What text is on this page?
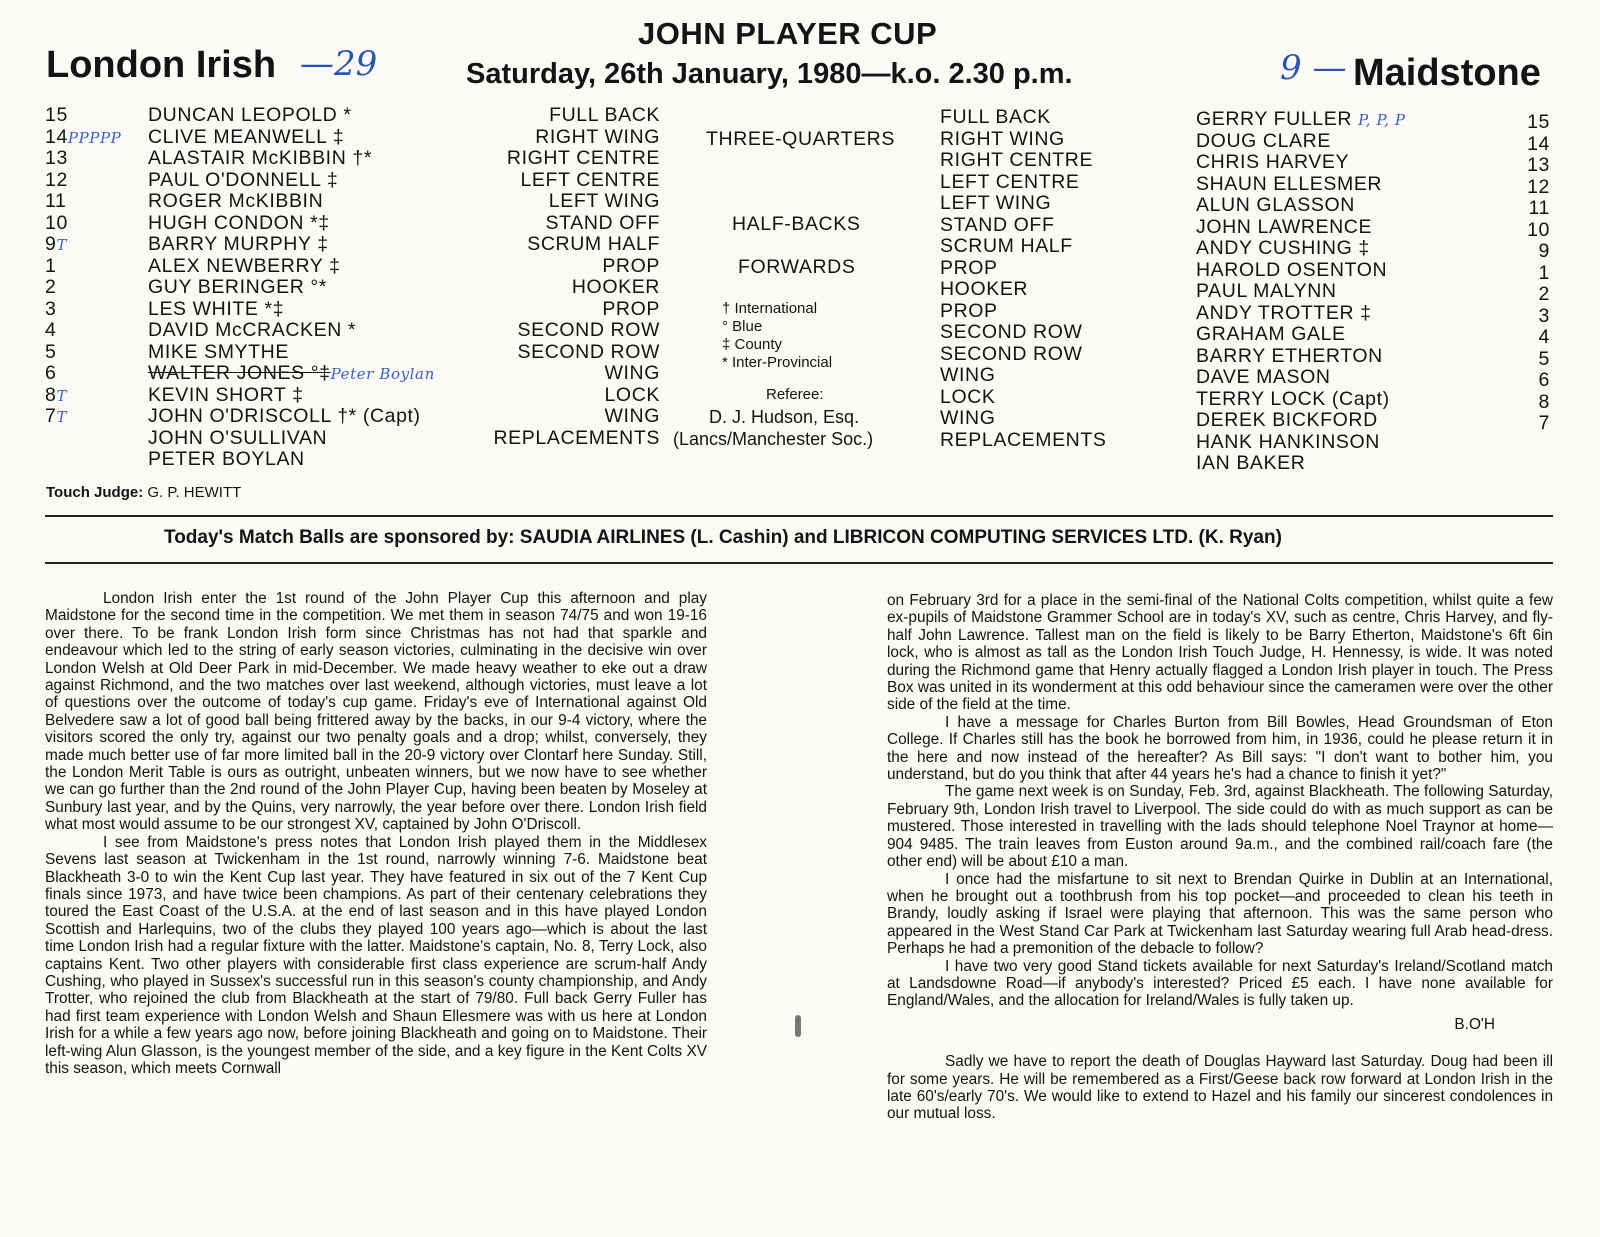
JOHN PLAYER CUP
London Irish —29	Saturday, 26th January, 1980—k.o. 2.30 p.m.	9 — Maidstone
15
14PPPPP
13
12
11
10
9T
1
2
3
4
5
6
8T
7T
DUNCAN LEOPOLD *
CLIVE MEANWELL ‡
ALASTAIR McKIBBIN †*
PAUL O'DONNELL ‡
ROGER McKIBBIN
HUGH CONDON *‡
BARRY MURPHY ‡
ALEX NEWBERRY ‡
GUY BERINGER °*
LES WHITE *‡
DAVID McCRACKEN *
MIKE SMYTHE
WALTER JONES °‡Peter Boylan
KEVIN SHORT ‡
JOHN O'DRISCOLL †* (Capt)
JOHN O'SULLIVAN
PETER BOYLAN
FULL BACK
RIGHT WING
RIGHT CENTRE
LEFT CENTRE
LEFT WING
STAND OFF
SCRUM HALF
PROP
HOOKER
PROP
SECOND ROW
SECOND ROW
WING
LOCK
WING
REPLACEMENTS
THREE-QUARTERS
HALF-BACKS
FORWARDS
† International
° Blue
‡ County
* Inter-Provincial
Referee:
D. J. Hudson, Esq.
(Lancs/Manchester Soc.)
FULL BACK
RIGHT WING
RIGHT CENTRE
LEFT CENTRE
LEFT WING
STAND OFF
SCRUM HALF
PROP
HOOKER
PROP
SECOND ROW
SECOND ROW
WING
LOCK
WING
REPLACEMENTS
GERRY FULLER P, P, P
DOUG CLARE
CHRIS HARVEY
SHAUN ELLESMER
ALUN GLASSON
JOHN LAWRENCE
ANDY CUSHING ‡
HAROLD OSENTON
PAUL MALYNN
ANDY TROTTER ‡
GRAHAM GALE
BARRY ETHERTON
DAVE MASON
TERRY LOCK (Capt)
DEREK BICKFORD
HANK HANKINSON
IAN BAKER
15
14
13
12
11
10
9
1
2
3
4
5
6
8
7
Touch Judge: G. P. HEWITT
Today's Match Balls are sponsored by: SAUDIA AIRLINES (L. Cashin) and LIBRICON COMPUTING SERVICES LTD. (K. Ryan)

London Irish enter the 1st round of the John Player Cup this afternoon and play Maidstone for the second time in the competition. We met them in season 74/75 and won 19-16 over there. To be frank London Irish form since Christmas has not had that sparkle and endeavour which led to the string of early season victories, culminating in the decisive win over London Welsh at Old Deer Park in mid-December. We made heavy weather to eke out a draw against Richmond, and the two matches over last weekend, although victories, must leave a lot of questions over the outcome of today's cup game. Friday's eve of International against Old Belvedere saw a lot of good ball being frittered away by the backs, in our 9-4 victory, where the visitors scored the only try, against our two penalty goals and a drop; whilst, conversely, they made much better use of far more limited ball in the 20-9 victory over Clontarf here Sunday. Still, the London Merit Table is ours as outright, unbeaten winners, but we now have to see whether we can go further than the 2nd round of the John Player Cup, having been beaten by Moseley at Sunbury last year, and by the Quins, very narrowly, the year before over there. London Irish field what most would assume to be our strongest XV, captained by John O'Driscoll.

I see from Maidstone's press notes that London Irish played them in the Middlesex Sevens last season at Twickenham in the 1st round, narrowly winning 7-6. Maidstone beat Blackheath 3-0 to win the Kent Cup last year. They have featured in six out of the 7 Kent Cup finals since 1973, and have twice been champions. As part of their centenary celebrations they toured the East Coast of the U.S.A. at the end of last season and in this have played London Scottish and Harlequins, two of the clubs they played 100 years ago—which is about the last time London Irish had a regular fixture with the latter. Maidstone's captain, No. 8, Terry Lock, also captains Kent. Two other players with considerable first class experience are scrum-half Andy Cushing, who played in Sussex's successful run in this season's county championship, and Andy Trotter, who rejoined the club from Blackheath at the start of 79/80. Full back Gerry Fuller has had first team experience with London Welsh and Shaun Ellesmere was with us here at London Irish for a while a few years ago now, before joining Blackheath and going on to Maidstone. Their left-wing Alun Glasson, is the youngest member of the side, and a key figure in the Kent Colts XV this season, which meets Cornwall

on February 3rd for a place in the semi-final of the National Colts competition, whilst quite a few ex-pupils of Maidstone Grammer School are in today's XV, such as centre, Chris Harvey, and fly-half John Lawrence. Tallest man on the field is likely to be Barry Etherton, Maidstone's 6ft 6in lock, who is almost as tall as the London Irish Touch Judge, H. Hennessy, is wide. It was noted during the Richmond game that Henry actually flagged a London Irish player in touch. The Press Box was united in its wonderment at this odd behaviour since the cameramen were over the other side of the field at the time.

I have a message for Charles Burton from Bill Bowles, Head Groundsman of Eton College. If Charles still has the book he borrowed from him, in 1936, could he please return it in the here and now instead of the hereafter? As Bill says: "I don't want to bother him, you understand, but do you think that after 44 years he's had a chance to finish it yet?"

The game next week is on Sunday, Feb. 3rd, against Blackheath. The following Saturday, February 9th, London Irish travel to Liverpool. The side could do with as much support as can be mustered. Those interested in travelling with the lads should telephone Noel Traynor at home—904 9485. The train leaves from Euston around 9a.m., and the combined rail/coach fare (the other end) will be about £10 a man.

I once had the misfartune to sit next to Brendan Quirke in Dublin at an International, when he brought out a toothbrush from his top pocket—and proceeded to clean his teeth in Brandy, loudly asking if Israel were playing that afternoon. This was the same person who appeared in the West Stand Car Park at Twickenham last Saturday wearing full Arab head-dress. Perhaps he had a premonition of the debacle to follow?

I have two very good Stand tickets available for next Saturday's Ireland/Scotland match at Landsdowne Road—if anybody's interested? Priced £5 each. I have none available for England/Wales, and the allocation for Ireland/Wales is fully taken up.

B.O'H

Sadly we have to report the death of Douglas Hayward last Saturday. Doug had been ill for some years. He will be remembered as a First/Geese back row forward at London Irish in the late 60's/early 70's. We would like to extend to Hazel and his family our sincerest condolences in our mutual loss.
